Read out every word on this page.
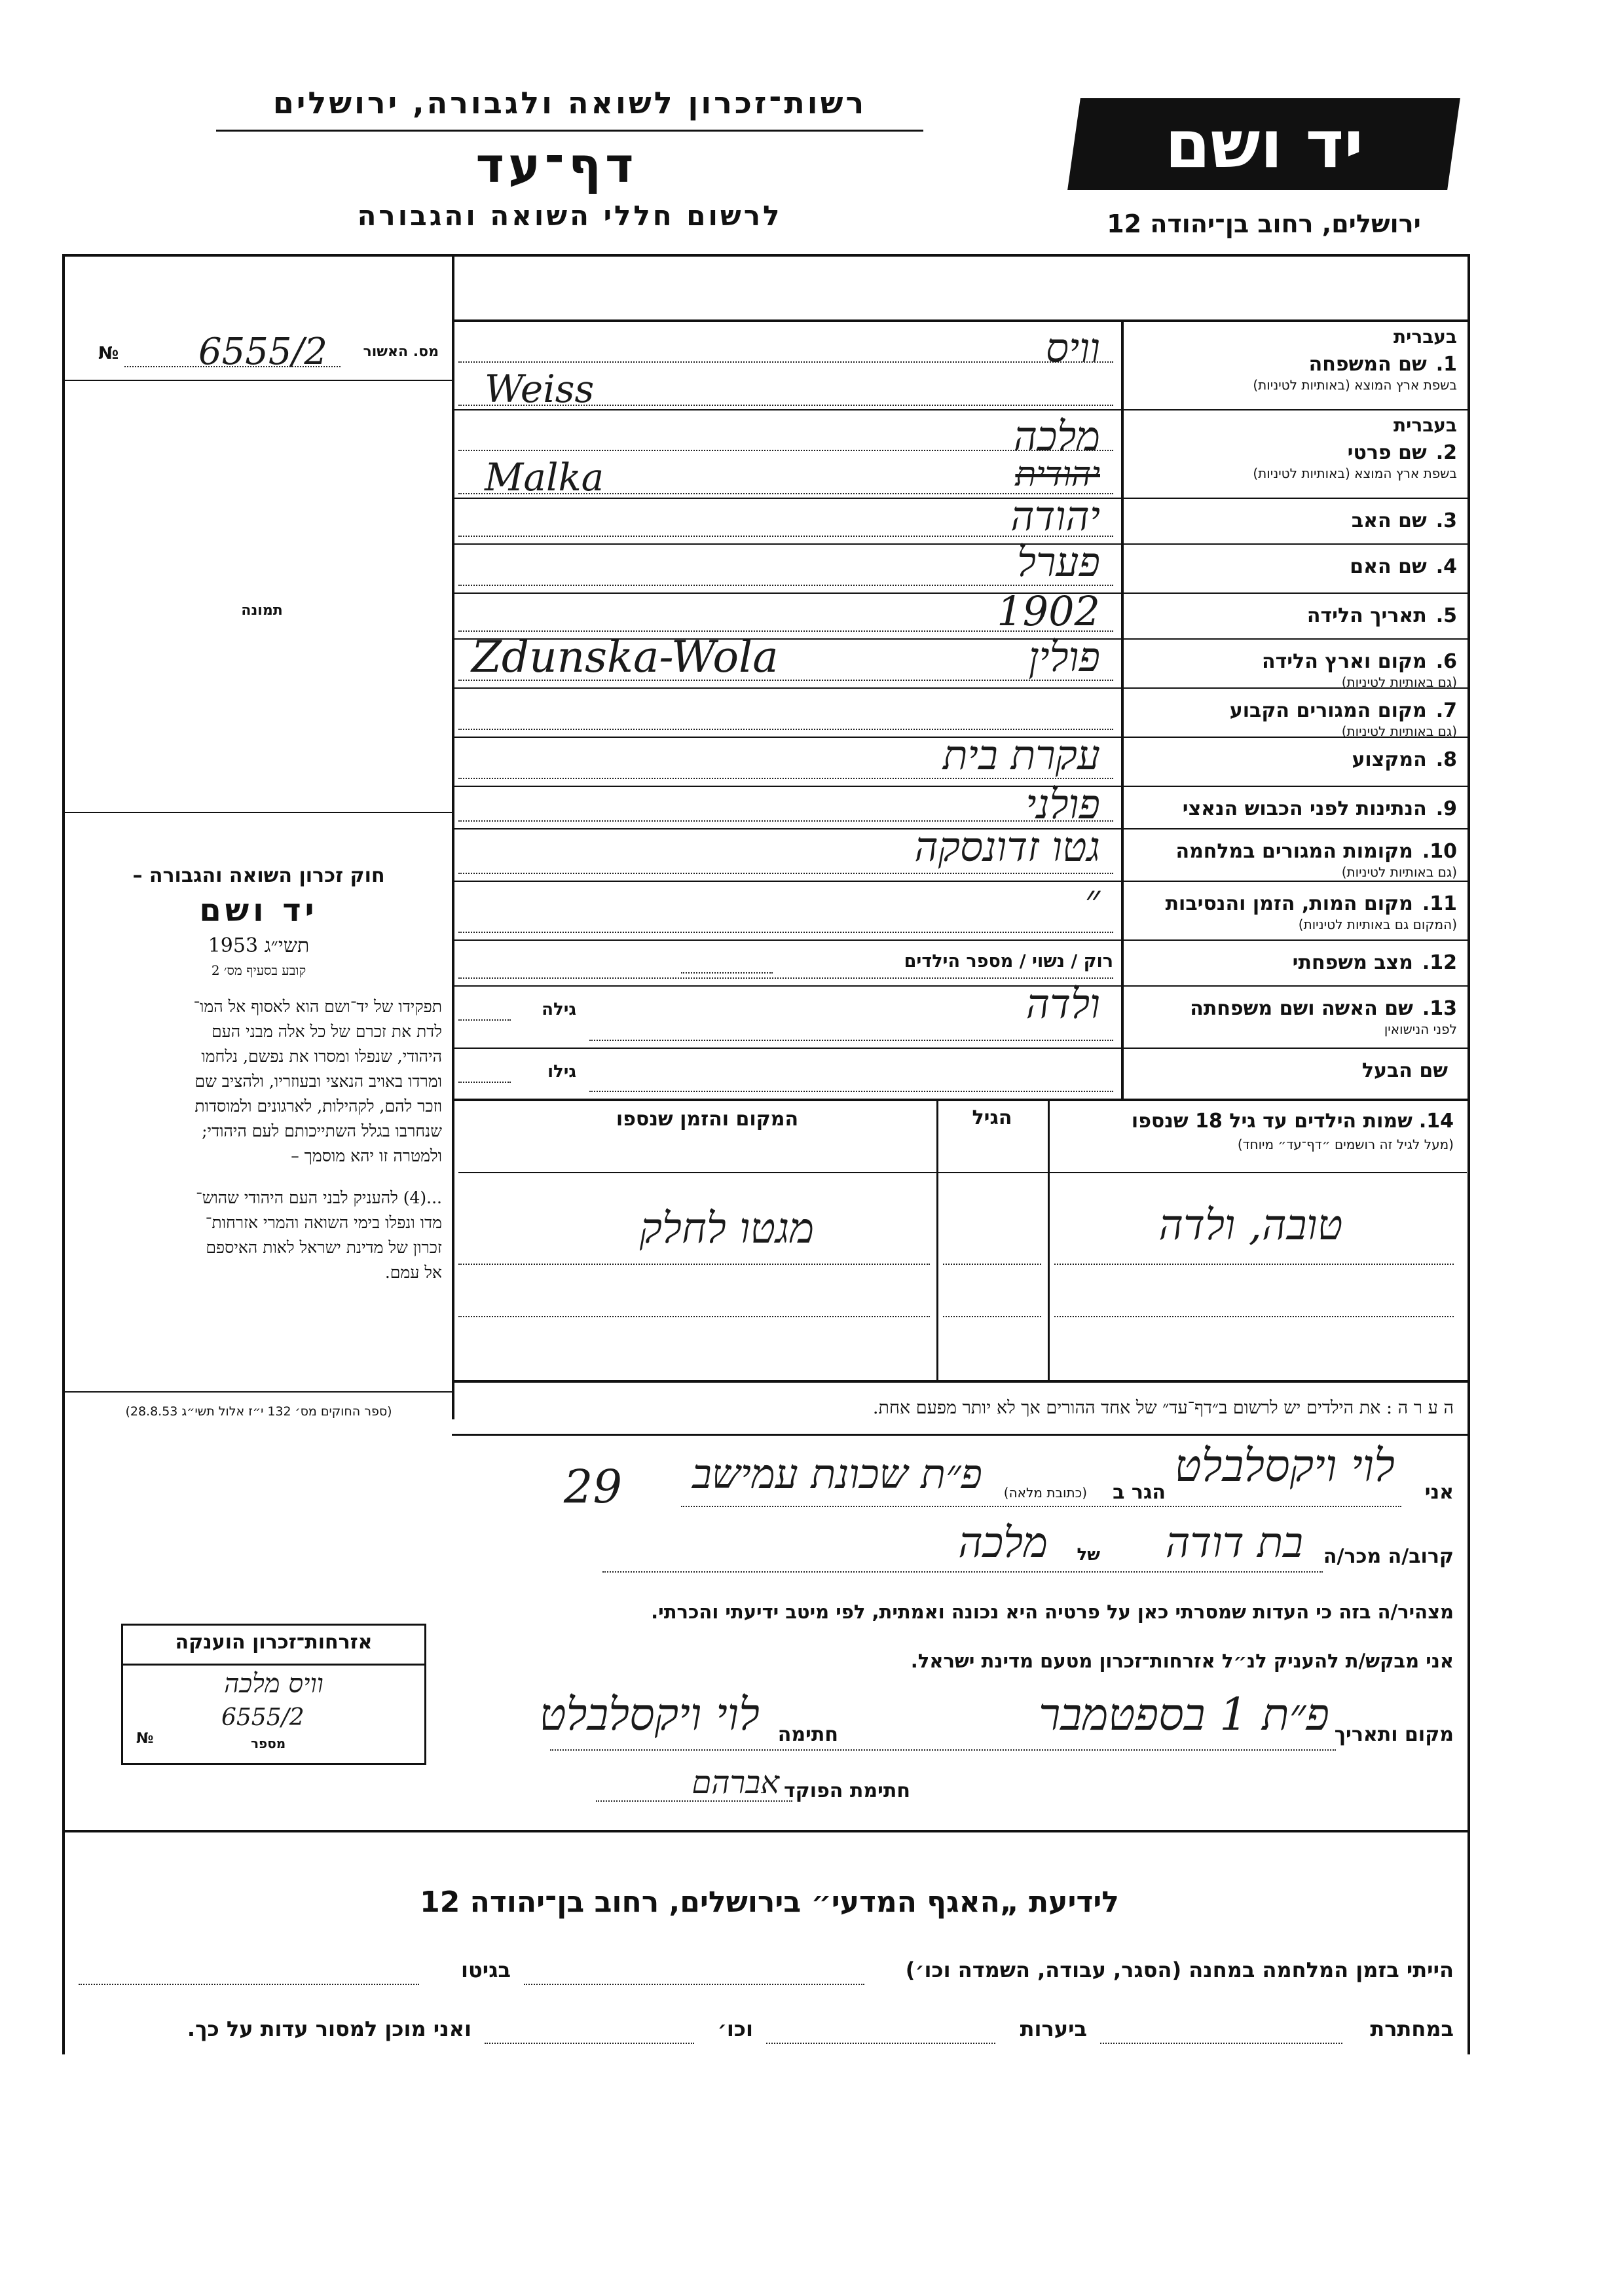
יד ושם
רשות־זכרון לשואה ולגבורה, ירושלים
דף־עד
לרשום חללי השואה והגבורה	ירושלים, רחוב בן־יהודה 12
מס. האשור
6555/2
№
תמונה
חוק זכרון השואה והגבורה –
יד ושם
תשי״ג 1953
קובע בסעיף מס׳ 2
תפקידו של יד־ושם הוא לאסוף אל המו־
לדת את זכרם של כל אלה מבני העם
היהודי, שנפלו ומסרו את נפשם, נלחמו
ומרדו באויב הנאצי ובעוזריו, ולהציב שם
וזכר להם, לקהילות, לארגונים ולמוסדות
שנחרבו בגלל השתייכותם לעם היהודי;
ולמטרה זו יהא מוסמך –
...(4) להעניק לבני העם היהודי שהוש־
מדו ונפלו בימי השואה והמרי אזרחות־
זכרון של מדינת ישראל לאות האיספם
אל עמם.
(ספר החוקים מס׳ 132 י״ז אלול תשי״ג 28.8.53)
אזרחות־זכרון הוענקה
וויס מלכה
6555/2
№	מספר
בעברית
1.שם המשפחה
בשפת ארץ המוצא (באותיות לטיניות)
וויס
Weiss
בעברית
2.שם פרטי
בשפת ארץ המוצא (באותיות לטיניות)
מלכה
יהודית
Malka
3.שם האב
יהודה
4.שם האם
פערל
5.תאריך הלידה
1902
6.מקום וארץ הלידה
(גם באותיות לטיניות)
פולין
Zdunska-Wola
7.מקום המגורים הקבוע
(גם באותיות לטיניות)
8.המקצוע
עקרת בית
9.הנתינות לפני הכבוש הנאצי
פולני
10.מקומות המגורים במלחמה
(גם באותיות לטיניות)
גטו זדונסקה
11.מקום המות, הזמן והנסיבות
(המקום גם באותיות לטיניות)
״
12.מצב משפחתי
רוק / נשוי / מספר הילדים
13.שם האשה ושם משפחתה
לפני הנישואין
ולדה
גילה
שם הבעל
גילו
14.
שמות הילדים עד גיל 18 שנספו
(מעל לגיל זה רושמים ״דף־עד״ מיוחד)
הגיל
המקום והזמן שנספו
טובה, ולדה
מגטו לחלק
ה ע ר ה : את הילדים יש לרשום ב״דף־עד״ של אחד ההורים אך לא יותר מפעם אחת.
אני
לוי ויקסלבלט
הגר ב
(כתובת מלאה)
פ״ת שכונת עמישב
29
קרוב/ה מכר/ה
בת דודה
של
מלכה
מצהיר/ה בזה כי העדות שמסרתי כאן על פרטיה היא נכונה ואמתית, לפי מיטב ידיעתי והכרתי.
אני מבקש/ת להעניק לנ״ל אזרחות־זכרון מטעם מדינת ישראל.
מקום ותאריך
פ״ת 1 בספטמבר
חתימה
לוי ויקסלבלט
חתימת הפוקד
אברהם
לידיעת „האגף המדעי״ בירושלים, רחוב בן־יהודה 12
הייתי בזמן המלחמה במחנה (הסגר, עבודה, השמדה וכו׳)
בגיטו
במחתרת
ביערות
וכו׳
ואני מוכן למסור עדות על כך.
